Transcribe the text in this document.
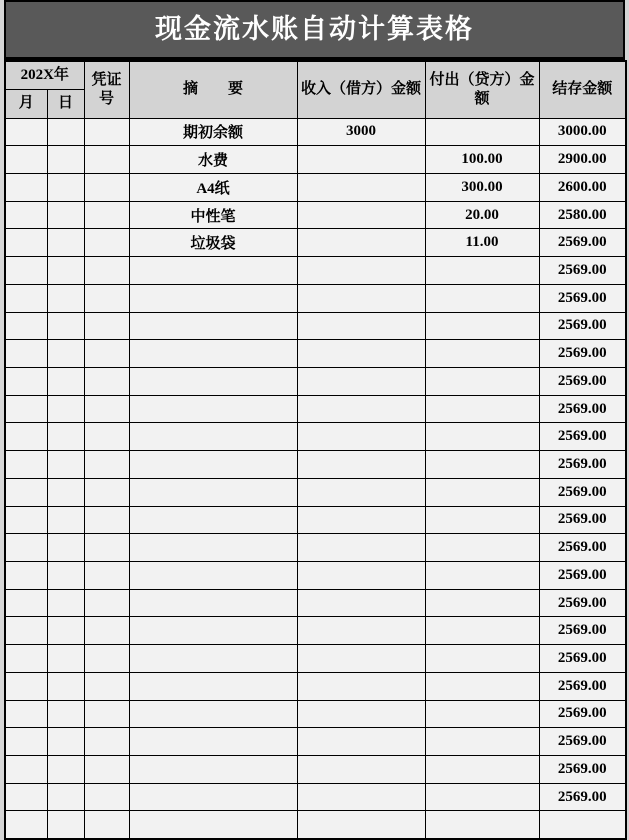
现金流水账自动计算表格
202X年		凭证号	摘　　要	收入（借方）金额	付出（贷方）金额	结存金额
月	日					
			期初余额	3000		3000.00
			水费		100.00	2900.00
			A4纸		300.00	2600.00
			中性笔		20.00	2580.00
			垃圾袋		11.00	2569.00
						2569.00
						2569.00
						2569.00
						2569.00
						2569.00
						2569.00
						2569.00
						2569.00
						2569.00
						2569.00
						2569.00
						2569.00
						2569.00
						2569.00
						2569.00
						2569.00
						2569.00
						2569.00
						2569.00
						2569.00
